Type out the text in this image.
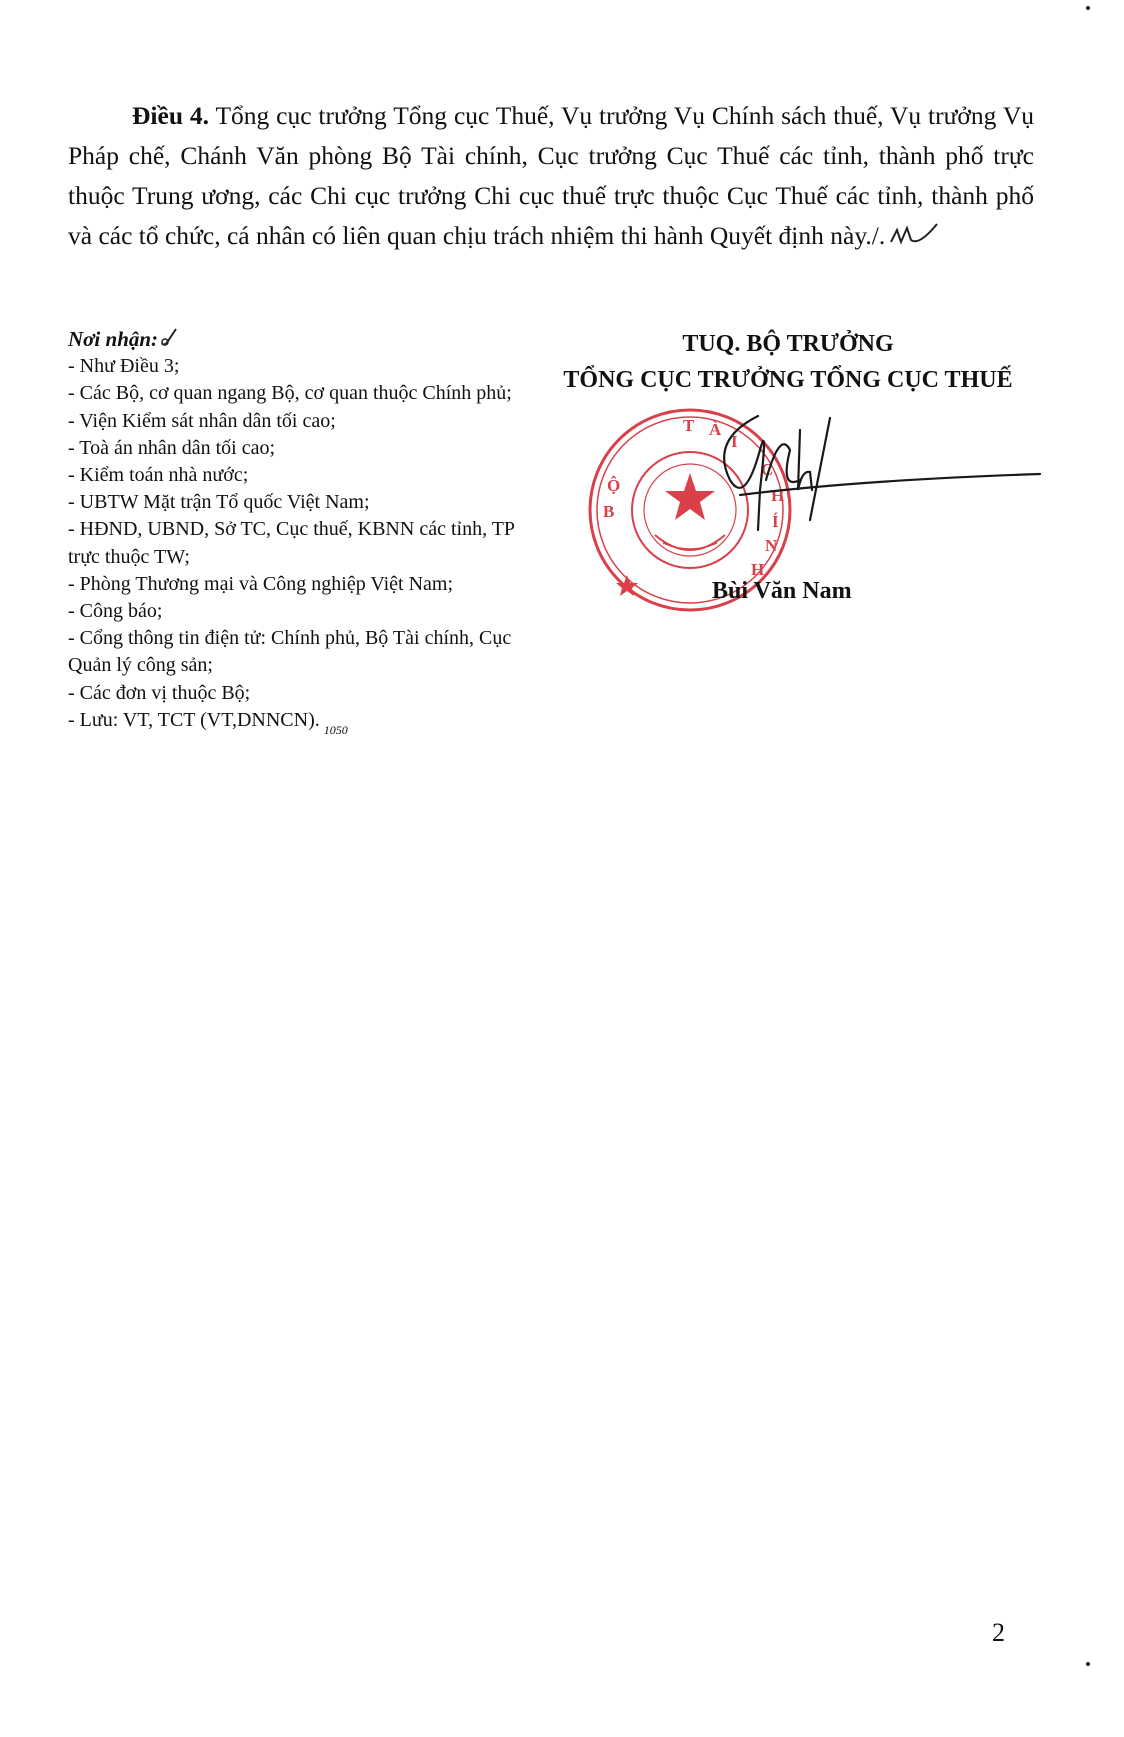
Điều 4. Tổng cục trưởng Tổng cục Thuế, Vụ trưởng Vụ Chính sách thuế, Vụ trưởng Vụ Pháp chế, Chánh Văn phòng Bộ Tài chính, Cục trưởng Cục Thuế các tỉnh, thành phố trực thuộc Trung ương, các Chi cục trưởng Chi cục thuế trực thuộc Cục Thuế các tỉnh, thành phố và các tổ chức, cá nhân có liên quan chịu trách nhiệm thi hành Quyết định này./.

Nơi nhận:
- Như Điều 3;
- Các Bộ, cơ quan ngang Bộ, cơ quan thuộc Chính phủ;
- Viện Kiểm sát nhân dân tối cao;
- Toà án nhân dân tối cao;
- Kiểm toán nhà nước;
- UBTW Mặt trận Tổ quốc Việt Nam;
- HĐND, UBND, Sở TC, Cục thuế, KBNN các tỉnh, TP trực thuộc TW;
- Phòng Thương mại và Công nghiệp Việt Nam;
- Công báo;
- Cổng thông tin điện tử: Chính phủ, Bộ Tài chính, Cục Quản lý công sản;
- Các đơn vị thuộc Bộ;
- Lưu: VT, TCT (VT,DNNCN). $_{1050}$
TUQ. BỘ TRƯỞNG
TỔNG CỤC TRƯỞNG TỔNG CỤC THUẾ
T À
I
C
H
Í
N
H
B
Ộ
Bùi Văn Nam
2
